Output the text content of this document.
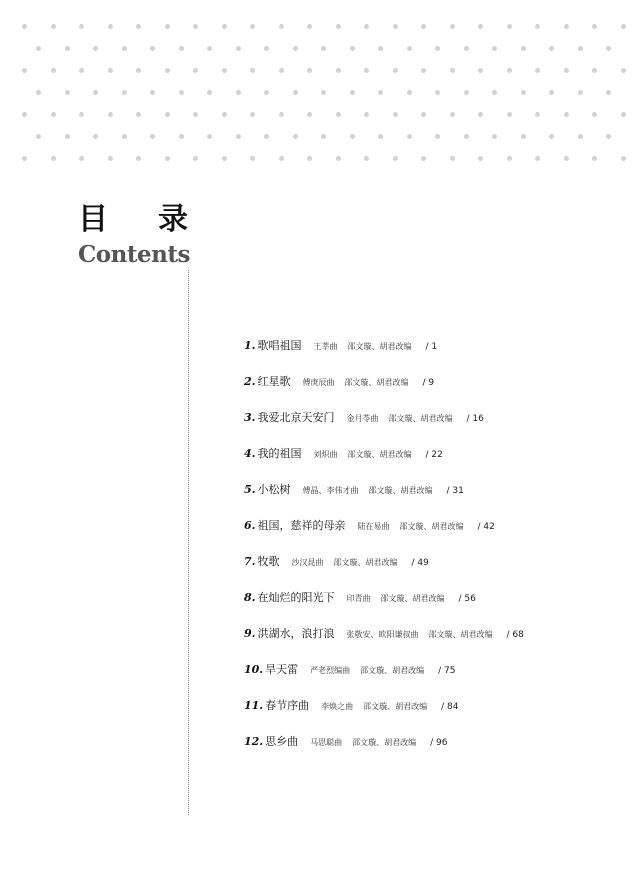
目录
Contents
1. 歌唱祖国 王莘曲 邵文璇、胡君改编 / 1
2. 红星歌 傅庚辰曲 邵文璇、胡君改编 / 9
3. 我爱北京天安门 金月苓曲 邵文璇、胡君改编 / 16
4. 我的祖国 刘炽曲 邵文璇、胡君改编 / 22
5. 小松树 傅晶、李伟才曲 邵文璇、胡君改编 / 31
6. 祖国，慈祥的母亲 陆在易曲 邵文璇、胡君改编 / 42
7. 牧歌 沙汉昆曲 邵文璇、胡君改编 / 49
8. 在灿烂的阳光下 印青曲 邵文璇、胡君改编 / 56
9. 洪湖水，浪打浪 张敬安、欧阳谦叔曲 邵文璇、胡君改编 / 68
10. 旱天雷 严老烈编曲 邵文璇、胡君改编 / 75
11. 春节序曲 李焕之曲 邵文璇、胡君改编 / 84
12. 思乡曲 马思聪曲 邵文璇、胡君改编 / 96
